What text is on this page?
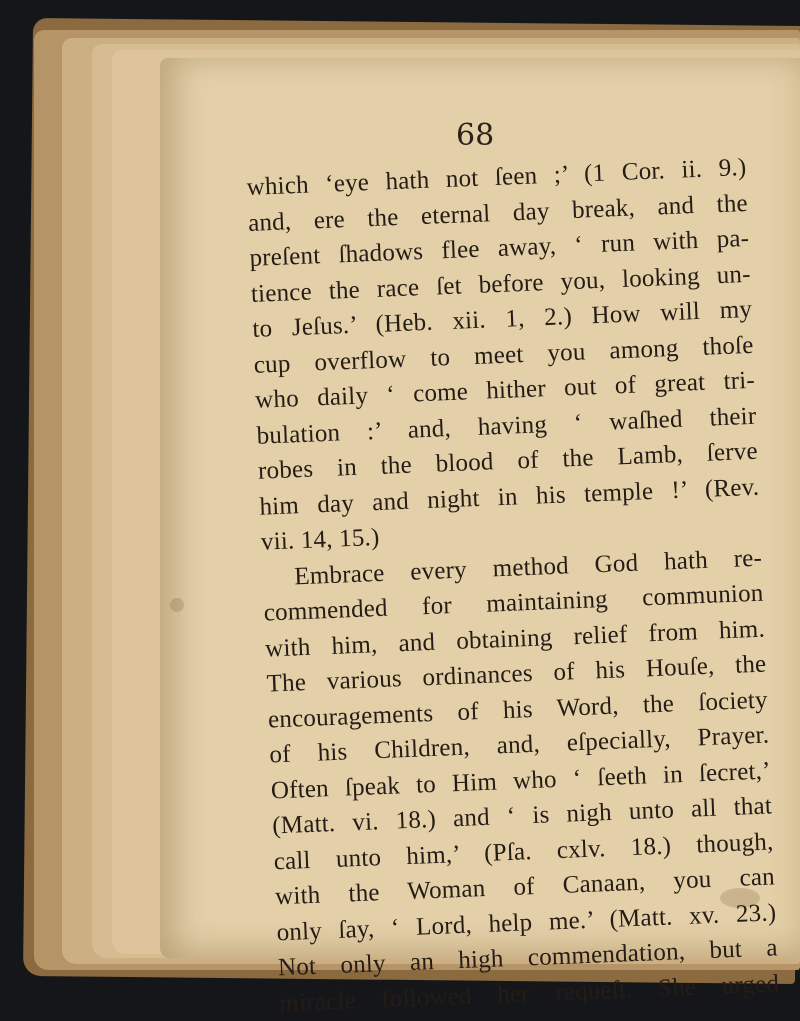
68
which ‘eye hath not ſeen ;’ (1 Cor. ii. 9.)
and, ere the eternal day break, and the
preſent ſhadows flee away, ‘ run with pa-
tience the race ſet before you, looking un-
to Jeſus.’ (Heb. xii. 1, 2.) How will my
cup overflow to meet you among thoſe
who daily ‘ come hither out of great tri-
bulation :’ and, having ‘ waſhed their
robes in the blood of the Lamb, ſerve
him day and night in his temple !’ (Rev.
vii. 14, 15.)
Embrace every method God hath re-
commended for maintaining communion
with him, and obtaining relief from him.
The various ordinances of his Houſe, the
encouragements of his Word, the ſociety
of his Children, and, eſpecially, Prayer.
Often ſpeak to Him who ‘ ſeeth in ſecret,’
(Matt. vi. 18.) and ‘ is nigh unto all that
call unto him,’ (Pſa. cxlv. 18.) though,
with the Woman of Canaan, you can
only ſay, ‘ Lord, help me.’ (Matt. xv. 23.)
Not only an high commendation, but a
miracle followed her requeſt. She urged
